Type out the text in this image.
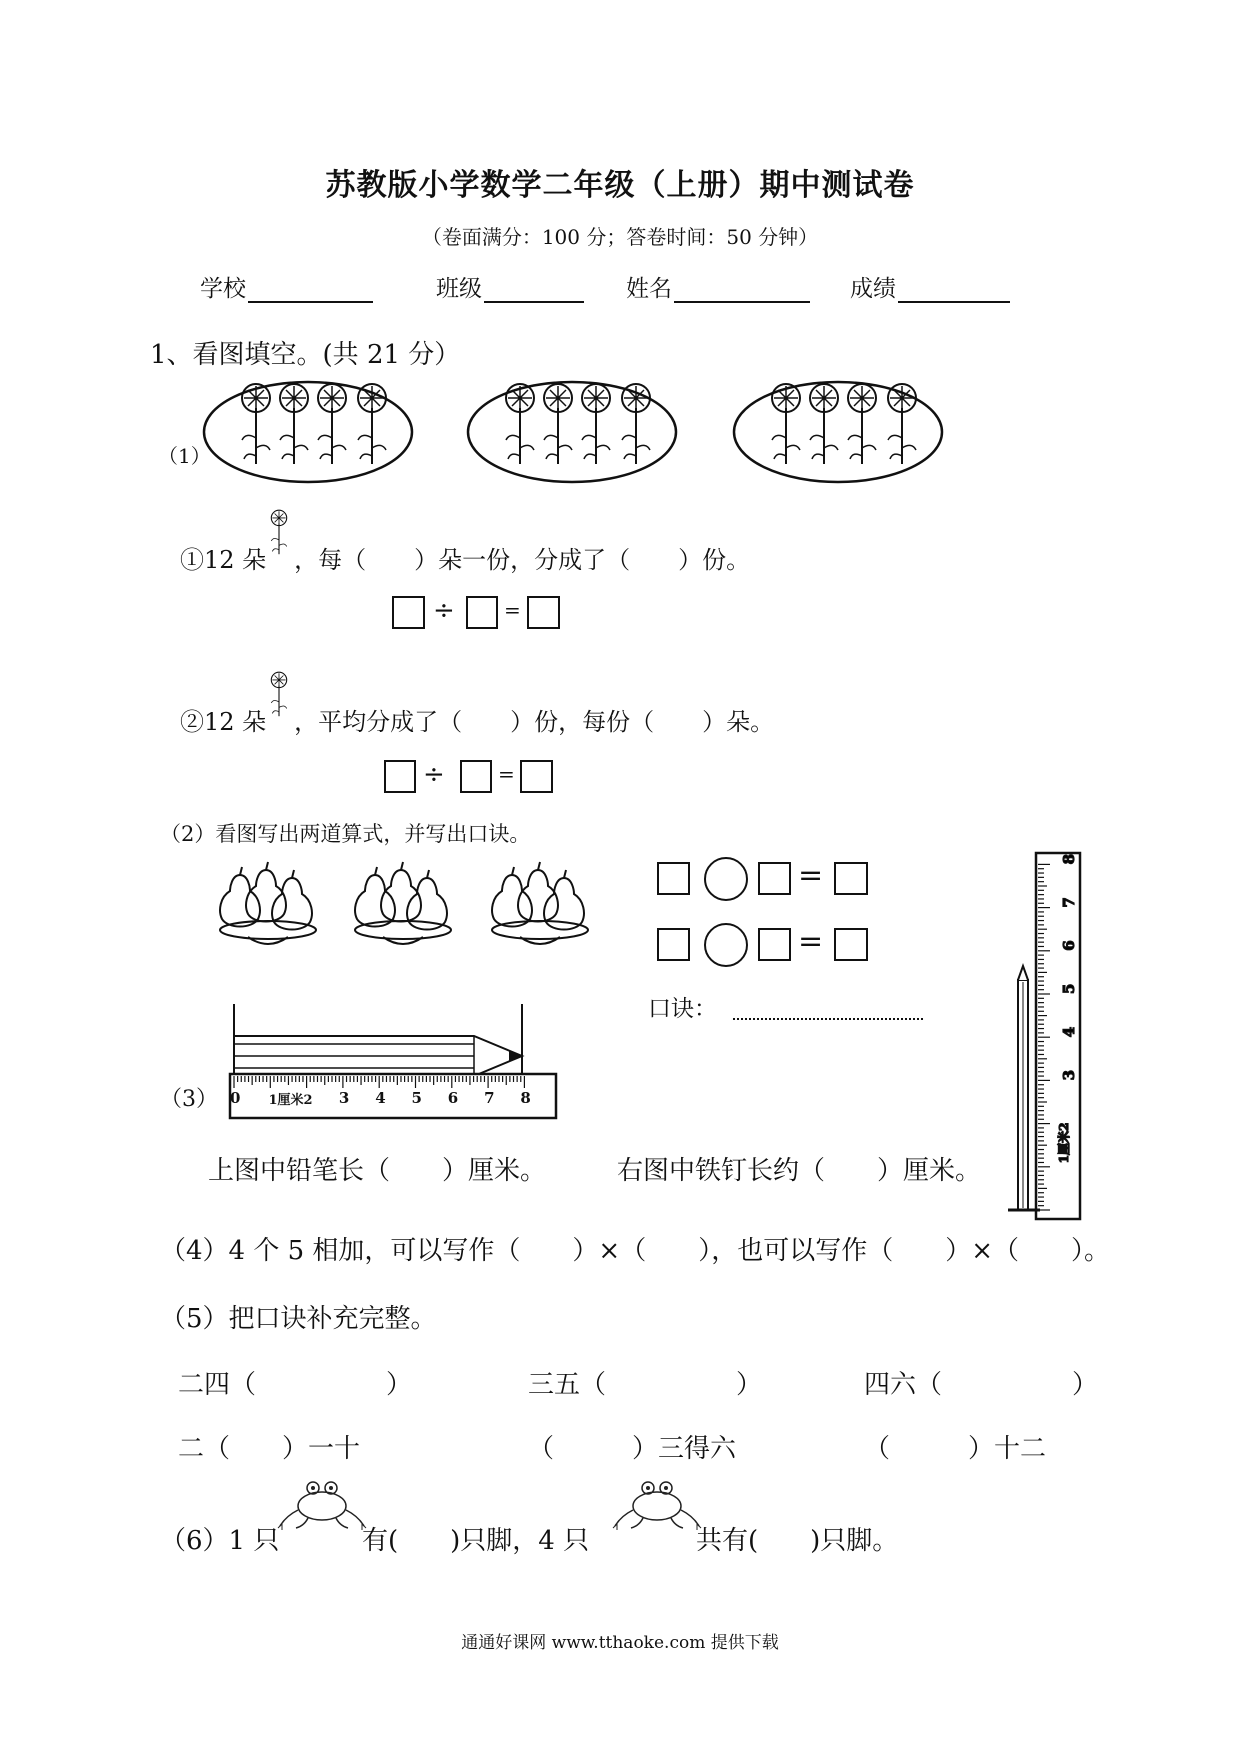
苏教版小学数学二年级（上册）期中测试卷
（卷面满分：100 分；答卷时间：50 分钟）
学校	班级	姓名	成绩
1、看图填空。(共 21 分）
（1）
3
4
5
6
7
8
1厘米2
①12 朵 ，每（　　）朵一份，分成了（　　）份。
÷ =
②12 朵 ，平均分成了（　　）份，每份（　　）朵。
÷	=
（2）看图写出两道算式，并写出口诀。
=
=
口诀：
（3） 0 1厘米2 3 4 5 6 7 8
上图中铅笔长（　　）厘米。	右图中铁钉长约（　　）厘米。
（4）4 个 5 相加，可以写作（　　）×（　　），也可以写作（　　）×（　　）。
（5）把口诀补充完整。
二四（　　　　　）	三五（　　　　　）	四六（　　　　　）
二（　　）一十	（　　　）三得六	（　　　）十二
（6）1 只	有(　　)只脚，4 只	共有(　　)只脚。
通通好课网 www.tthaoke.com 提供下载
